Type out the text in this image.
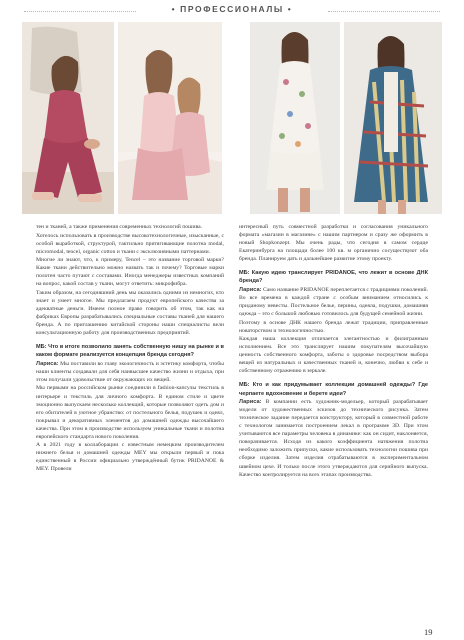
• ПРОФЕССИОНАЛЫ •

тен и тканей, а также применения современных технологий пошива.

Хотелось использовать в производстве высокотехнологичные, изысканные, с особой выработкой, структурой, тактильно притягивающие полотна modal, micromodal, tencel, organic cotton и ткани с эксклюзивными паттернами.

Многие ли знают, что, к примеру, Tencel – это название торговой марки? Какие ткани действительно можно назвать так и почему? Торговые марки полотен часто путают с составами. Иногда менеджеры известных компаний на вопрос, какой состав у ткани, могут ответить: микрофибра.

Таким образом, на сегодняшний день мы оказались одними из немногих, кто знает и умеет многое. Мы предлагаем продукт европейского качества за адекватные деньги. Имеем полное право говорить об этом, так как на фабриках Европы разрабатывались специальные составы тканей для нашего бренда. А по приглашению китайской стороны наши специалисты вели консультационную работу для производственных предприятий.

МБ: Что в итоге позволило занять собственную нишу на рынке и в каком формате реализуется концепция бренда сегодня?

Лариса: Мы поставили во главу экологичность и эстетику комфорта, чтобы наши клиенты создавали для себя наивысшее качество жизни и отдыха, при этом получали удовольствие от окружающих их вещей.

Мы первыми на российском рынке соединили в fashion-капсулы текстиль в интерьере и текстиль для личного комфорта. В едином стиле и цвете эмоционно выпускаем несколько коллекций, которые позволяют одеть дом и его обитателей в уютное убранство: от постельного белья, подушек и одеял, покрывал и декоративных элементов до домашней одежды высочайшего качества. При этом в производстве используем уникальные ткани и полотна европейского стандарта нового поколения.

А в 2021 году в коллаборации с известным немецким производителем нижнего белья и домашней одежды MEY мы открыли первый и пока единственный в России официально утверждённый бутик PRIDANOE & MEY. Провели

интересный путь совместной разработки и согласования уникального формата «магазин в магазине» с нашим партнером и сразу же оформить в новый Shopkonzept. Мы очень рады, что сегодня в самом сердце Екатеринбурга на площади более 100 кв. м органично сосуществуют оба бренда. Планируем дать и дальнейшее развитие этому проекту.

МБ: Какую идею транслирует PRIDANOE, что лежит в основе ДНК бренда?

Лариса: Само название PRIDANOE переплетается с традициями поколений. Во все времена в каждой стране с особым вниманием относились к приданому невесты. Постельное белье, перины, одеяла, подушки, домашняя одежда – это с большой любовью готовилось для будущей семейной жизни.

Поэтому в основе ДНК нашего бренда лежат традиции, приправленные новаторством и технологичностью.

Каждая наша коллекция отличается элегантностью и филигранным исполнением. Все это транслирует нашим покупателям высочайшую ценность собственного комфорта, заботы о здоровье посредством выбора вещей из натуральных и качественных тканей и, конечно, любви к себе и собственному отражению в зеркале.

МБ: Кто и как придумывает коллекции домашней одежды? Где черпаете вдохновение и берете идеи?

Лариса: В компании есть художник-модельер, который разрабатывает модели от художественных эскизов до технического рисунка. Затем техническое задание передается конструктору, который в совместной работе с технологом занимается построением лекал в программе 3D. При этом учитываются все параметры человека в динамике: как он сидит, наклоняется, поворачивается. Исходя из какого коэффициента натяжения полотна необходимо заложить припуски, какие использовать технологии пошива при сборке изделия. Затем изделия отрабатываются в экспериментальном швейном цехе. И только после этого утверждаются для серийного выпуска. Качество контролируется на всех этапах производства.

19
